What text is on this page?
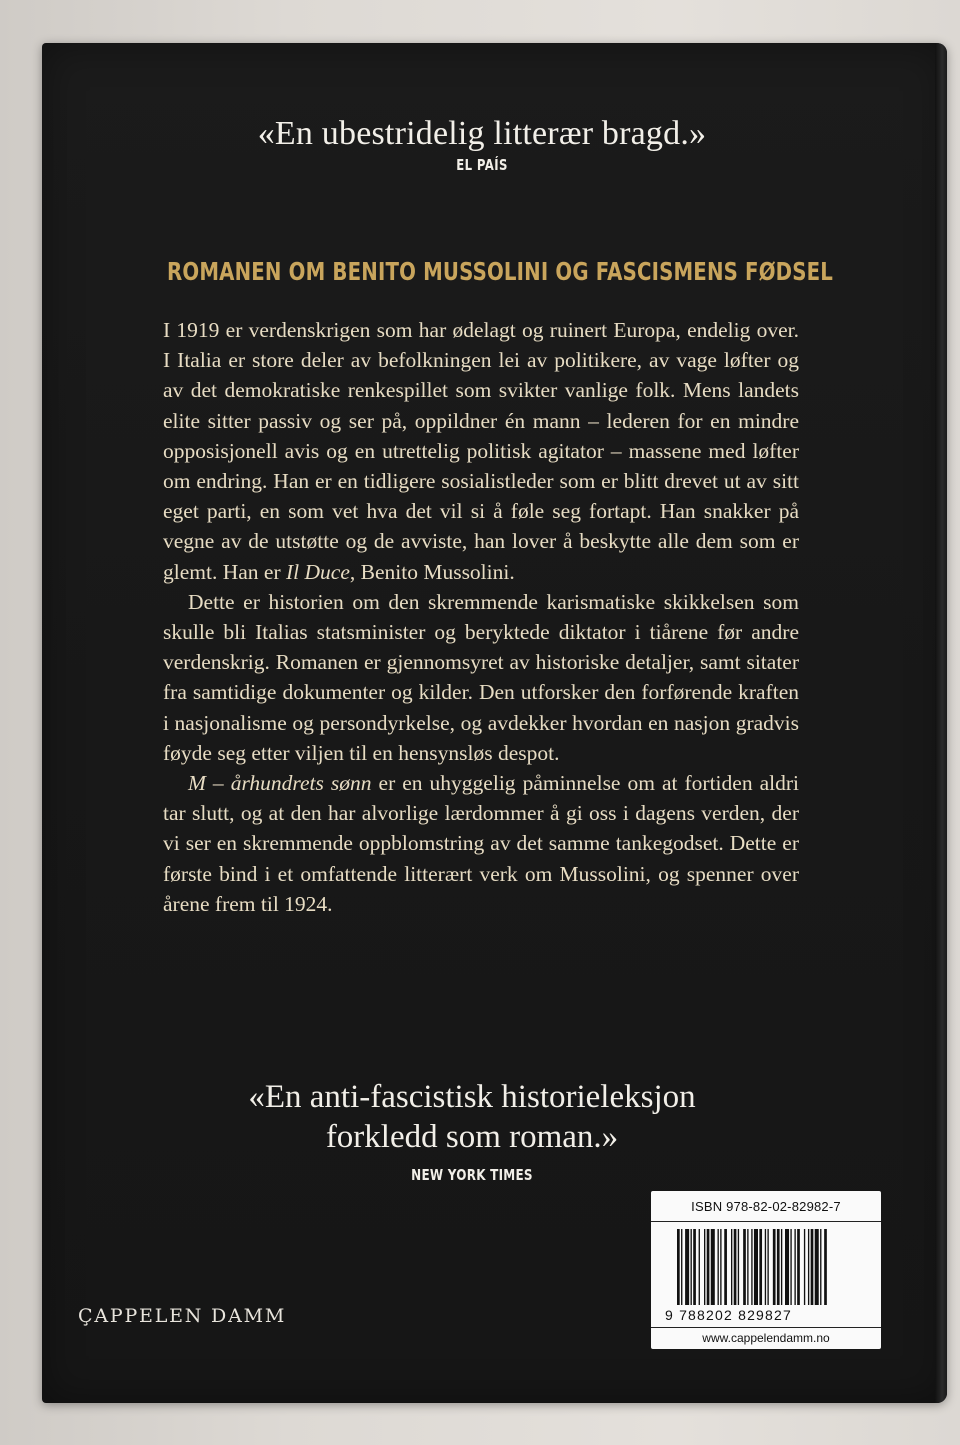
«En ubestridelig litterær bragd.»
EL PAÍS
ROMANEN OM BENITO MUSSOLINI OG FASCISMENS FØDSEL

I 1919 er verdenskrigen som har ødelagt og ruinert Europa, endelig over. I Italia er store deler av befolkningen lei av politikere, av vage løfter og av det demokratiske renkespillet som svikter vanlige folk. Mens landets elite sitter passiv og ser på, oppildner én mann – lederen for en mindre opposisjonell avis og en utrettelig politisk agitator – massene med løfter om endring. Han er en tidligere sosialistleder som er blitt drevet ut av sitt eget parti, en som vet hva det vil si å føle seg fortapt. Han snakker på vegne av de utstøtte og de avviste, han lover å beskytte alle dem som er glemt. Han er Il Duce, Benito Mussolini.

Dette er historien om den skremmende karismatiske skikkelsen som skulle bli Italias statsminister og beryktede diktator i tiårene før andre verdenskrig. Romanen er gjennomsyret av historiske detaljer, samt sitater fra samtidige dokumenter og kilder. Den utforsker den forførende kraften i nasjonalisme og persondyrkelse, og avdekker hvordan en nasjon gradvis føyde seg etter viljen til en hensynsløs despot.

M – århundrets sønn er en uhyggelig påminnelse om at fortiden aldri tar slutt, og at den har alvorlige lærdommer å gi oss i dagens verden, der vi ser en skremmende oppblomstring av det samme tankegodset. Dette er første bind i et omfattende litterært verk om Mussolini, og spenner over årene frem til 1924.

«En anti-fascistisk historieleksjon
forkledd som roman.»
NEW YORK TIMES
ÇAPPELEN DAMM
ISBN 978-82-02-82982-7
9 788202 829827
www.cappelendamm.no
